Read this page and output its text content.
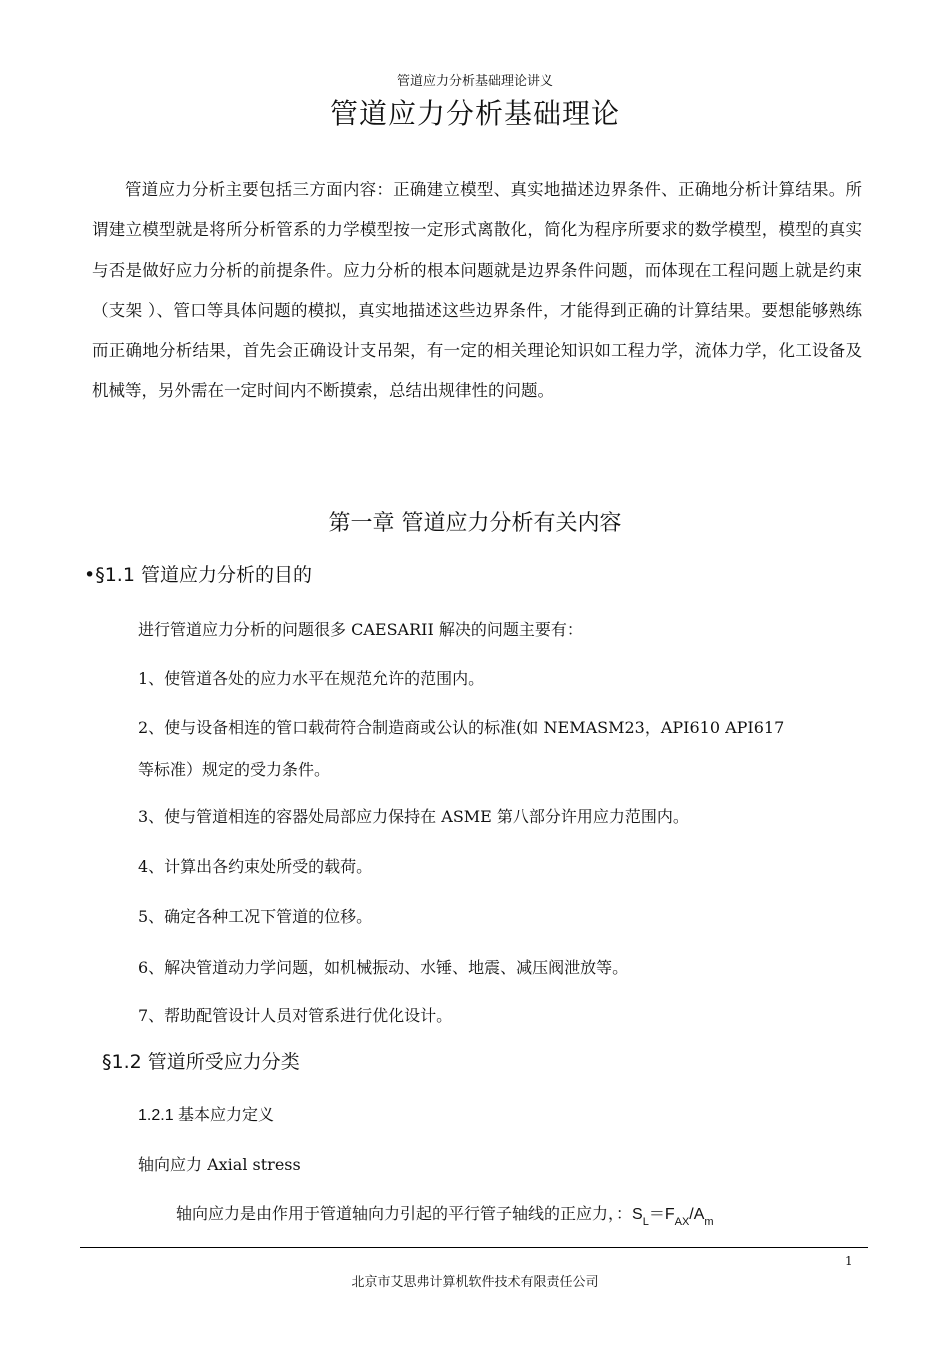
管道应力分析基础理论讲义
管道应力分析基础理论

管道应力分析主要包括三方面内容：正确建立模型、真实地描述边界条件、正确地分析计算结果。所谓建立模型就是将所分析管系的力学模型按一定形式离散化，简化为程序所要求的数学模型，模型的真实与否是做好应力分析的前提条件。应力分析的根本问题就是边界条件问题，而体现在工程问题上就是约束（支架 ）、管口等具体问题的模拟，真实地描述这些边界条件，才能得到正确的计算结果。要想能够熟练而正确地分析结果，首先会正确设计支吊架，有一定的相关理论知识如工程力学，流体力学，化工设备及机械等，另外需在一定时间内不断摸索，总结出规律性的问题。

第一章 管道应力分析有关内容
•§1.1 管道应力分析的目的
进行管道应力分析的问题很多 CAESARII 解决的问题主要有：
1、使管道各处的应力水平在规范允许的范围内。
2、使与设备相连的管口载荷符合制造商或公认的标准(如 NEMASM23，API610 API617
等标准）规定的受力条件。
3、使与管道相连的容器处局部应力保持在 ASME 第八部分许用应力范围内。
4、计算出各约束处所受的载荷。
5、确定各种工况下管道的位移。
6、解决管道动力学问题，如机械振动、水锤、地震、减压阀泄放等。
7、帮助配管设计人员对管系进行优化设计。
§1.2 管道所受应力分类
1.2.1 基本应力定义
轴向应力 Axial stress
轴向应力是由作用于管道轴向力引起的平行管子轴线的正应力，：$S_L=F_{AX}/A_m$
1
北京市艾思弗计算机软件技术有限责任公司
